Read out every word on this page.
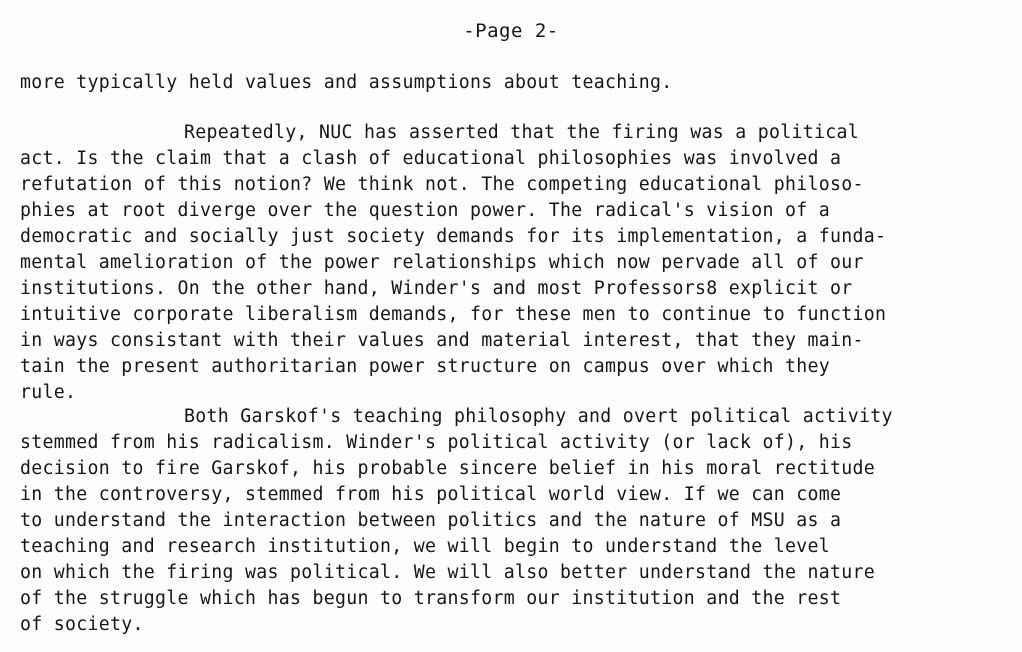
-Page 2-
more typically held values and assumptions about teaching.
Repeatedly, NUC has asserted that the firing was a political
act. Is the claim that a clash of educational philosophies was involved a
refutation of this notion? We think not. The competing educational philoso-
phies at root diverge over the question power. The radical's vision of a
democratic and socially just society demands for its implementation, a funda-
mental amelioration of the power relationships which now pervade all of our
institutions. On the other hand, Winder's and most Professors8 explicit or
intuitive corporate liberalism demands, for these men to continue to function
in ways consistant with their values and material interest, that they main-
tain the present authoritarian power structure on campus over which they
rule.
Both Garskof's teaching philosophy and overt political activity
stemmed from his radicalism. Winder's political activity (or lack of), his
decision to fire Garskof, his probable sincere belief in his moral rectitude
in the controversy, stemmed from his political world view. If we can come
to understand the interaction between politics and the nature of MSU as a
teaching and research institution, we will begin to understand the level
on which the firing was political. We will also better understand the nature
of the struggle which has begun to transform our institution and the rest
of society.
